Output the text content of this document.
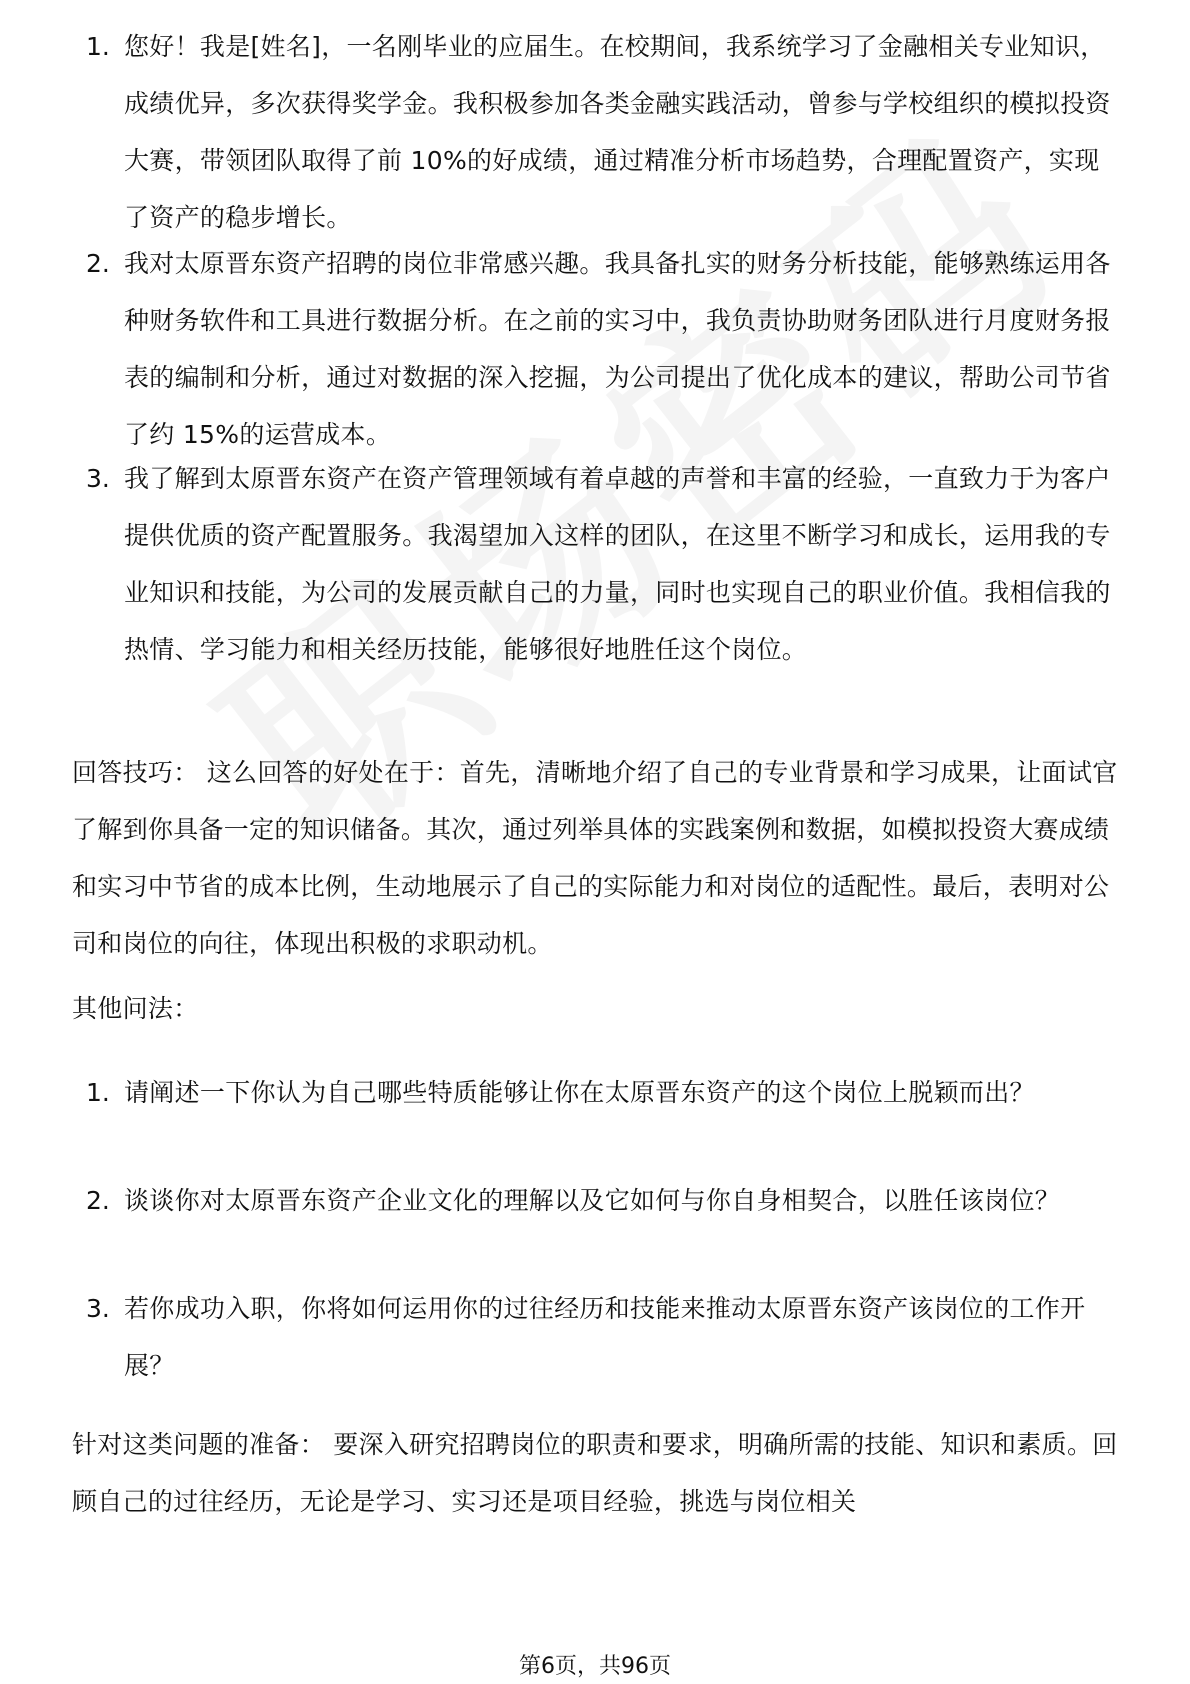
1. 您好！我是[姓名]，一名刚毕业的应届生。在校期间，我系统学习了金融相关专业知识，成绩优异，多次获得奖学金。我积极参加各类金融实践活动，曾参与学校组织的模拟投资大赛，带领团队取得了前 10%的好成绩，通过精准分析市场趋势，合理配置资产，实现了资产的稳步增长。
2. 我对太原晋东资产招聘的岗位非常感兴趣。我具备扎实的财务分析技能，能够熟练运用各种财务软件和工具进行数据分析。在之前的实习中，我负责协助财务团队进行月度财务报表的编制和分析，通过对数据的深入挖掘，为公司提出了优化成本的建议，帮助公司节省了约 15%的运营成本。
3. 我了解到太原晋东资产在资产管理领域有着卓越的声誉和丰富的经验，一直致力于为客户提供优质的资产配置服务。我渴望加入这样的团队，在这里不断学习和成长，运用我的专业知识和技能，为公司的发展贡献自己的力量，同时也实现自己的职业价值。我相信我的热情、学习能力和相关经历技能，能够很好地胜任这个岗位。
回答技巧： 这么回答的好处在于：首先，清晰地介绍了自己的专业背景和学习成果，让面试官了解到你具备一定的知识储备。其次，通过列举具体的实践案例和数据，如模拟投资大赛成绩和实习中节省的成本比例，生动地展示了自己的实际能力和对岗位的适配性。最后，表明对公司和岗位的向往，体现出积极的求职动机。
其他问法：
1. 请阐述一下你认为自己哪些特质能够让你在太原晋东资产的这个岗位上脱颖而出？
2. 谈谈你对太原晋东资产企业文化的理解以及它如何与你自身相契合，以胜任该岗位？
3. 若你成功入职，你将如何运用你的过往经历和技能来推动太原晋东资产该岗位的工作开展？
针对这类问题的准备： 要深入研究招聘岗位的职责和要求，明确所需的技能、知识和素质。回顾自己的过往经历，无论是学习、实习还是项目经验，挑选与岗位相关
第6页，共96页
